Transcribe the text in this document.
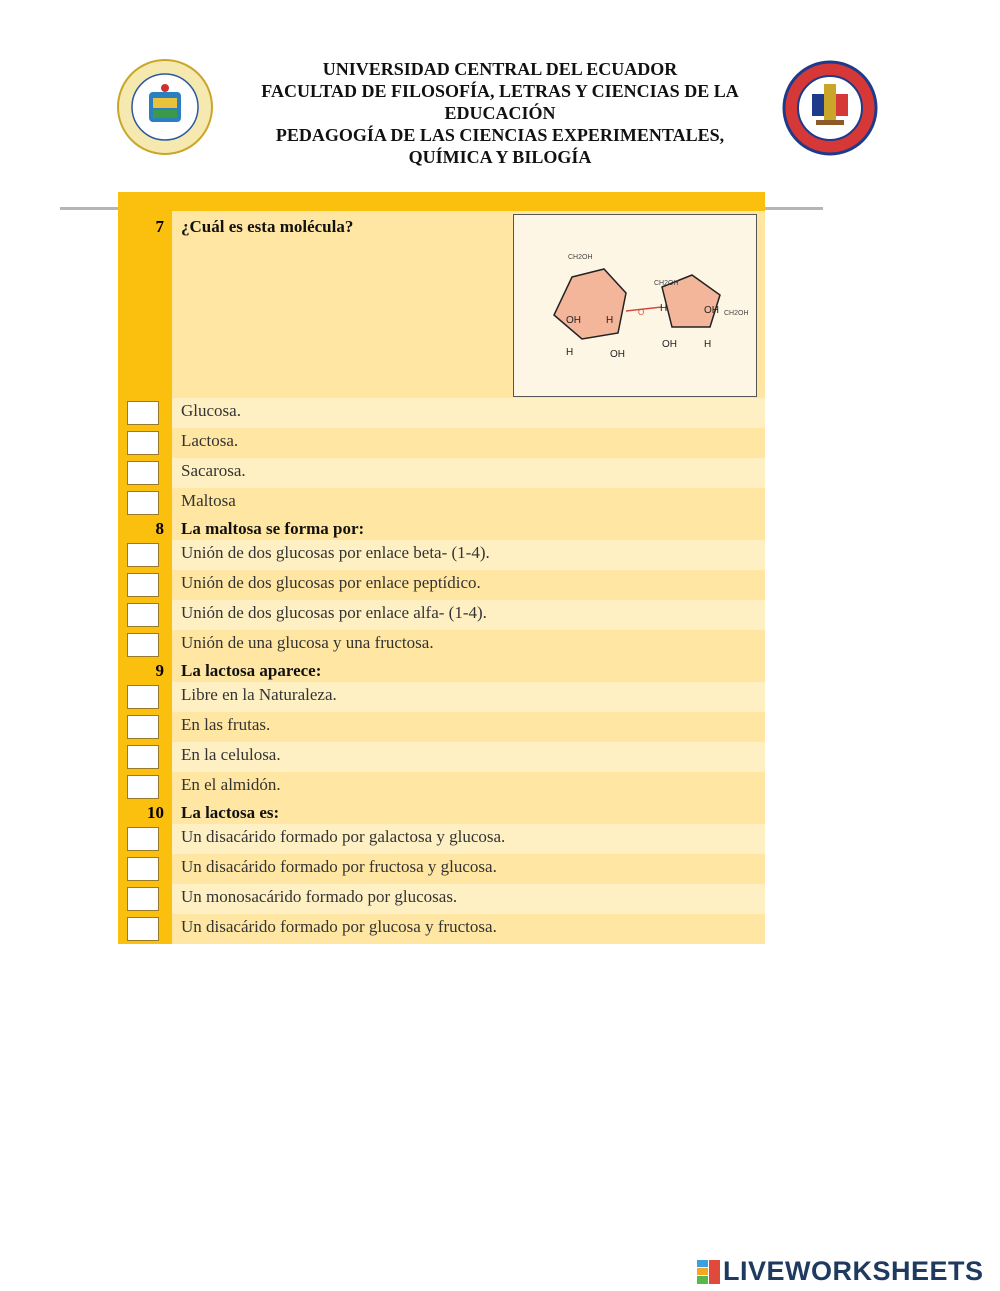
UNIVERSIDAD CENTRAL DEL ECUADOR
FACULTAD DE FILOSOFÍA, LETRAS Y CIENCIAS DE LA
EDUCACIÓN
PEDAGOGÍA DE LAS CIENCIAS EXPERIMENTALES,
QUÍMICA Y BILOGÍA
7	¿Cuál es esta molécula?
CH2OH
CH2OH
CH2OH
OH
OH
OH
OH
H
H
H
H
O
Glucosa.
Lactosa.
Sacarosa.
Maltosa
8	La maltosa se forma por:
Unión de dos glucosas por enlace beta- (1-4).
Unión de dos glucosas por enlace peptídico.
Unión de dos glucosas por enlace alfa- (1-4).
Unión de una glucosa y una fructosa.
9	La lactosa aparece:
Libre en la Naturaleza.
En las frutas.
En la celulosa.
En el almidón.
10	La lactosa es:
Un disacárido formado por galactosa y glucosa.
Un disacárido formado por fructosa y glucosa.
Un monosacárido formado por glucosas.
Un disacárido formado por glucosa y fructosa.
LIVEWORKSHEETS
